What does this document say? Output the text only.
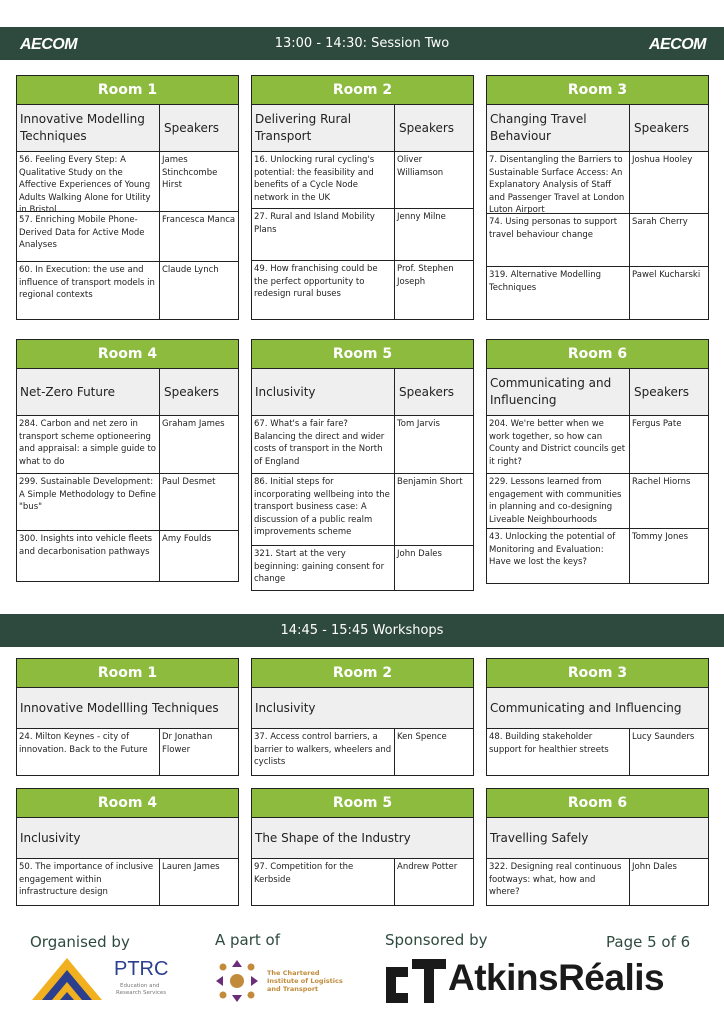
AECOM	13:00 - 14:30: Session Two	AECOM
Room 1
Innovative Modelling Techniques
Speakers
56. Feeling Every Step: A Qualitative Study on the Affective Experiences of Young Adults Walking Alone for Utility in Bristol
James Stinchcombe Hirst
57. Enriching Mobile Phone-Derived Data for Active Mode Analyses
Francesca Manca
60. In Execution: the use and influence of transport models in regional contexts
Claude Lynch
Room 2
Delivering Rural Transport
Speakers
16. Unlocking rural cycling's potential: the feasibility and benefits of a Cycle Node network in the UK
Oliver Williamson
27. Rural and Island Mobility Plans
Jenny Milne
49. How franchising could be the perfect opportunity to redesign rural buses
Prof. Stephen Joseph
Room 3
Changing Travel Behaviour
Speakers
7. Disentangling the Barriers to Sustainable Surface Access: An Explanatory Analysis of Staff and Passenger Travel at London Luton Airport
Joshua Hooley
74. Using personas to support travel behaviour change
Sarah Cherry
319. Alternative Modelling Techniques
Pawel Kucharski
Room 4
Net-Zero Future	Speakers
284. Carbon and net zero in transport scheme optioneering and appraisal: a simple guide to what to do
Graham James
299. Sustainable Development: A Simple Methodology to Define "bus"
Paul Desmet
300. Insights into vehicle fleets and decarbonisation pathways
Amy Foulds
Room 5
Inclusivity	Speakers
67. What's a fair fare? Balancing the direct and wider costs of transport in the North of England
Tom Jarvis
86. Initial steps for incorporating wellbeing into the transport business case: A discussion of a public realm improvements scheme
Benjamin Short
321. Start at the very beginning: gaining consent for change
John Dales
Room 6
Communicating and Influencing
Speakers
204. We're better when we work together, so how can County and District councils get it right?
Fergus Pate
229. Lessons learned from engagement with communities in planning and co-designing Liveable Neighbourhoods
Rachel Hiorns
43. Unlocking the potential of Monitoring and Evaluation: Have we lost the keys?
Tommy Jones
14:45 - 15:45 Workshops
Room 1
Innovative Modellling Techniques
24. Milton Keynes - city of innovation. Back to the Future
Dr Jonathan Flower
Room 2
Inclusivity
37. Access control barriers, a barrier to walkers, wheelers and cyclists
Ken Spence
Room 3
Communicating and Influencing
48. Building stakeholder support for healthier streets
Lucy Saunders
Room 4
Inclusivity
50. The importance of inclusive engagement within infrastructure design
Lauren James
Room 5
The Shape of the Industry
97. Competition for the Kerbside
Andrew Potter
Room 6
Travelling Safely
322. Designing real continuous footways: what, how and where?
John Dales
Organised by	A part of	Sponsored by	Page 5 of 6
PTRC
Education and
Research Services
The Chartered
Institute of Logistics
and Transport	AtkinsRéalis
